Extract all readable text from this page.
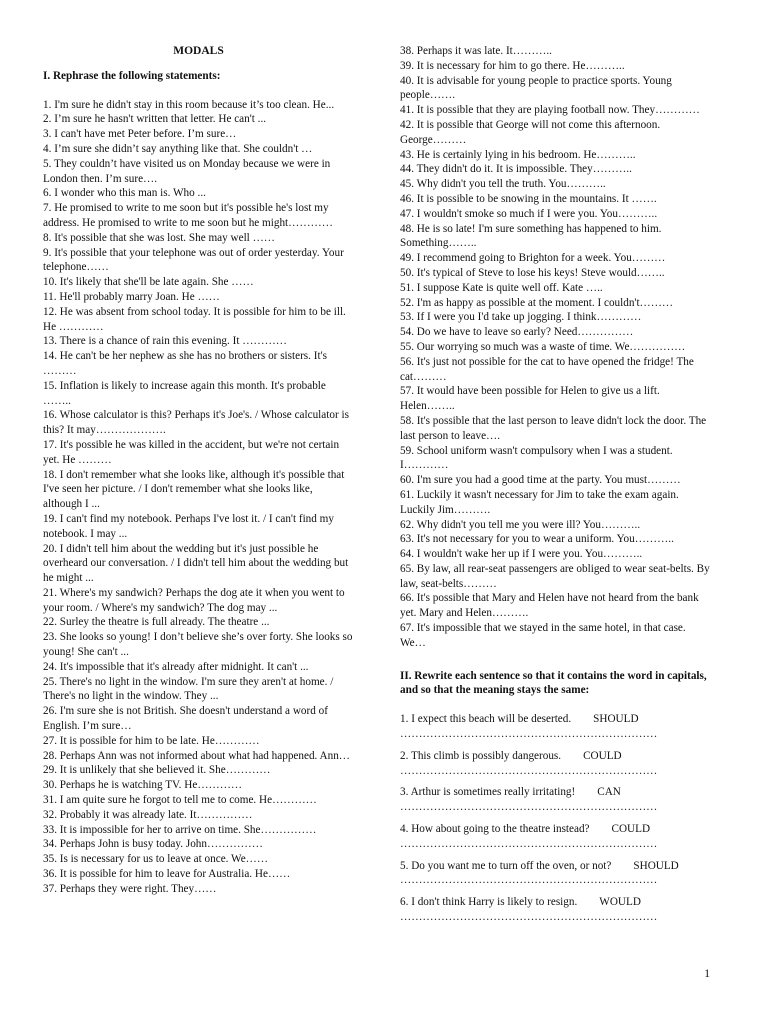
MODALS

I. Rephrase the following statements:

1. I'm sure he didn't stay in this room because it’s too clean. He...

2. I’m sure he hasn't written that letter. He can't ...

3. I can't have met Peter before. I’m sure…

4. I’m sure she didn’t say anything like that. She couldn't …

5. They couldn’t have visited us on Monday because we were in London then. I’m sure….

6. I wonder who this man is. Who ...

7. He promised to write to me soon but it's possible he's lost my address. He promised to write to me soon but he might…………

8. It's possible that she was lost. She may well ……

9. It's possible that your telephone was out of order yesterday. Your telephone……

10. It's likely that she'll be late again. She ……

11. He'll probably marry Joan. He ……

12. He was absent from school today. It is possible for him to be ill. He …………

13. There is a chance of rain this evening. It …………

14. He can't be her nephew as she has no brothers or sisters. It's ………

15. Inflation is likely to increase again this month. It's probable ……..

16. Whose calculator is this? Perhaps it's Joe's. / Whose calculator is this? It may……………….

17. It's possible he was killed in the accident, but we're not certain yet. He ………

18. I don't remember what she looks like, although it's possible that I've seen her picture. / I don't remember what she looks like, although I ...

19. I can't find my notebook. Perhaps I've lost it. / I can't find my notebook. I may ...

20. I didn't tell him about the wedding but it's just possible he overheard our conversation. / I didn't tell him about the wedding but he might ...

21. Where's my sandwich? Perhaps the dog ate it when you went to your room. / Where's my sandwich? The dog may ...

22. Surley the theatre is full already. The theatre ...

23. She looks so young! I don’t believe she’s over forty. She looks so young! She can't ...

24. It's impossible that it's already after midnight. It can't ...

25. There's no light in the window. I'm sure they aren't at home. / There's no light in the window. They ...

26. I'm sure she is not British. She doesn't understand a word of English. I’m sure…

27. It is possible for him to be late. He…………

28. Perhaps Ann was not informed about what had happened. Ann…

29. It is unlikely that she believed it. She…………

30. Perhaps he is watching TV. He…………

31. I am quite sure he forgot to tell me to come. He…………

32. Probably it was already late. It……………

33. It is impossible for her to arrive on time. She……………

34. Perhaps John is busy today. John……………

35. Is is necessary for us to leave at once. We……

36. It is possible for him to leave for Australia. He……

37. Perhaps they were right. They……

38. Perhaps it was late. It………..

39. It is necessary for him to go there. He………..

40. It is advisable for young people to practice sports. Young people…….

41. It is possible that they are playing football now. They…………

42. It is possible that George will not come this afternoon. George………

43. He is certainly lying in his bedroom. He………..

44. They didn't do it. It is impossible. They………..

45. Why didn't you tell the truth. You………..

46. It is possible to be snowing in the mountains. It …….

47. I wouldn't smoke so much if I were you. You………..

48. He is so late! I'm sure something has happened to him. Something……..

49. I recommend going to Brighton for a week. You………

50. It's typical of Steve to lose his keys! Steve would……..

51. I suppose Kate is quite well off. Kate …..

52. I'm as happy as possible at the moment. I couldn't………

53. If I were you I'd take up jogging. I think…………

54. Do we have to leave so early? Need……………

55. Our worrying so much was a waste of time. We……………

56. It's just not possible for the cat to have opened the fridge! The cat………

57. It would have been possible for Helen to give us a lift. Helen……..

58. It's possible that the last person to leave didn't lock the door. The last person to leave….

59. School uniform wasn't compulsory when I was a student. I…………

60. I'm sure you had a good time at the party. You must………

61. Luckily it wasn't necessary for Jim to take the exam again. Luckily Jim……….

62. Why didn't you tell me you were ill? You………..

63. It's not necessary for you to wear a uniform. You………..

64. I wouldn't wake her up if I were you. You………..

65. By law, all rear-seat passengers are obliged to wear seat-belts. By law, seat-belts………

66. It's possible that Mary and Helen have not heard from the bank yet. Mary and Helen……….

67. It's impossible that we stayed in the same hotel, in that case. We…

II. Rewrite each sentence so that it contains the word in capitals, and so that the meaning stays the same:

1. I expect this beach will be deserted. SHOULD
……………………………………………………………
2. This climb is possibly dangerous. COULD
……………………………………………………………
3. Arthur is sometimes really irritating! CAN
……………………………………………………………
4. How about going to the theatre instead? COULD
……………………………………………………………
5. Do you want me to turn off the oven, or not? SHOULD
……………………………………………………………
6. I don't think Harry is likely to resign. WOULD
……………………………………………………………
1
